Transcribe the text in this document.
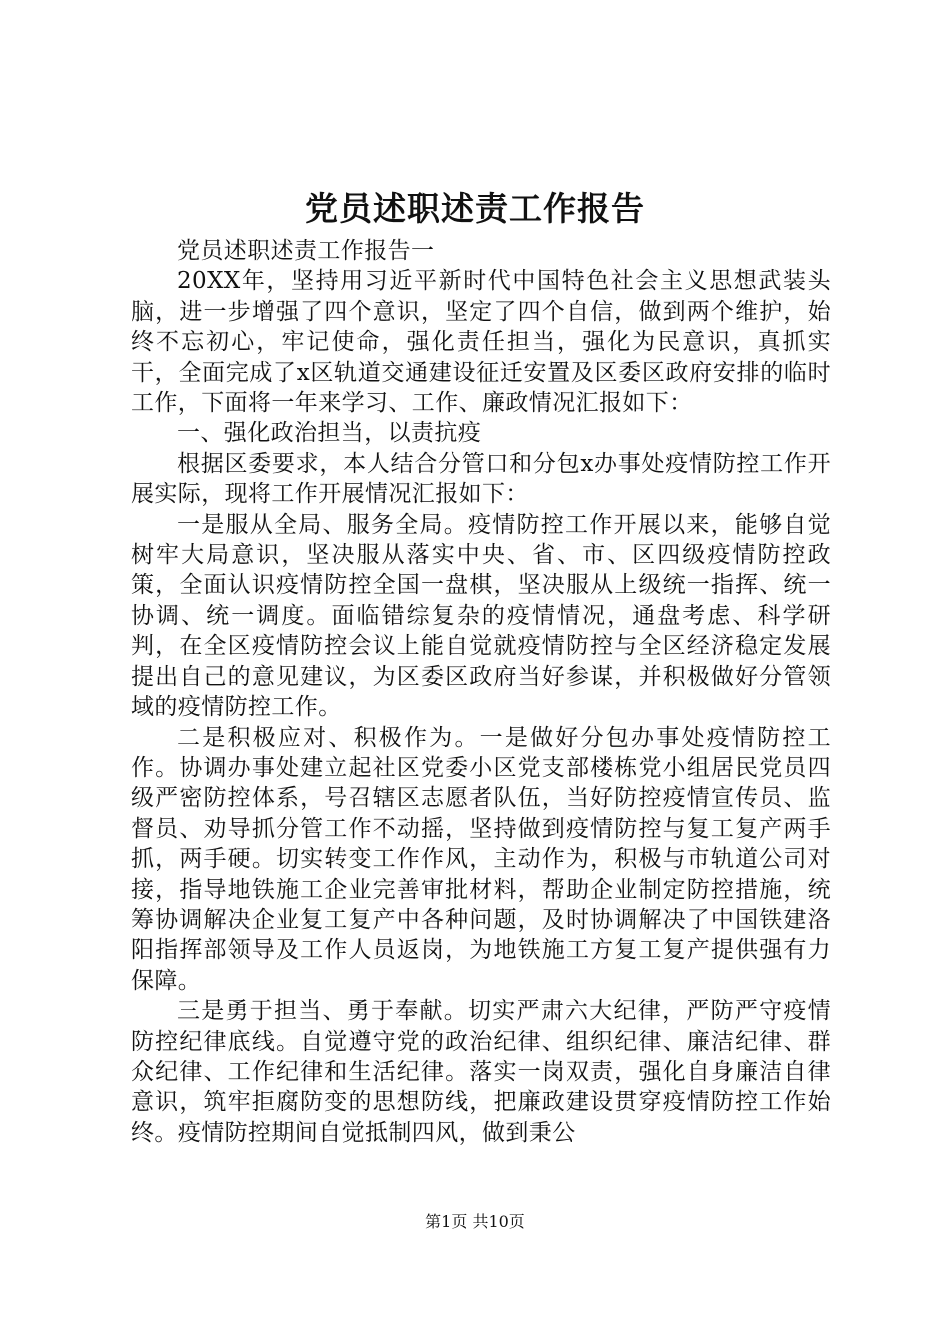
党员述职述责工作报告

党员述职述责工作报告一

20XX年，坚持用习近平新时代中国特色社会主义思想武装头脑，进一步增强了四个意识，坚定了四个自信，做到两个维护，始终不忘初心，牢记使命，强化责任担当，强化为民意识，真抓实干，全面完成了x区轨道交通建设征迁安置及区委区政府安排的临时工作，下面将一年来学习、工作、廉政情况汇报如下：

一、强化政治担当，以责抗疫

根据区委要求，本人结合分管口和分包x办事处疫情防控工作开展实际，现将工作开展情况汇报如下：

一是服从全局、服务全局。疫情防控工作开展以来，能够自觉树牢大局意识，坚决服从落实中央、省、市、区四级疫情防控政策，全面认识疫情防控全国一盘棋，坚决服从上级统一指挥、统一协调、统一调度。面临错综复杂的疫情情况，通盘考虑、科学研判，在全区疫情防控会议上能自觉就疫情防控与全区经济稳定发展提出自己的意见建议，为区委区政府当好参谋，并积极做好分管领域的疫情防控工作。

二是积极应对、积极作为。一是做好分包办事处疫情防控工作。协调办事处建立起社区党委小区党支部楼栋党小组居民党员四级严密防控体系，号召辖区志愿者队伍，当好防控疫情宣传员、监督员、劝导抓分管工作不动摇，坚持做到疫情防控与复工复产两手抓，两手硬。切实转变工作作风，主动作为，积极与市轨道公司对接，指导地铁施工企业完善审批材料，帮助企业制定防控措施，统筹协调解决企业复工复产中各种问题，及时协调解决了中国铁建洛阳指挥部领导及工作人员返岗，为地铁施工方复工复产提供强有力保障。

三是勇于担当、勇于奉献。切实严肃六大纪律，严防严守疫情防控纪律底线。自觉遵守党的政治纪律、组织纪律、廉洁纪律、群众纪律、工作纪律和生活纪律。落实一岗双责，强化自身廉洁自律意识，筑牢拒腐防变的思想防线，把廉政建设贯穿疫情防控工作始终。疫情防控期间自觉抵制四风，做到秉公

第1页 共10页
